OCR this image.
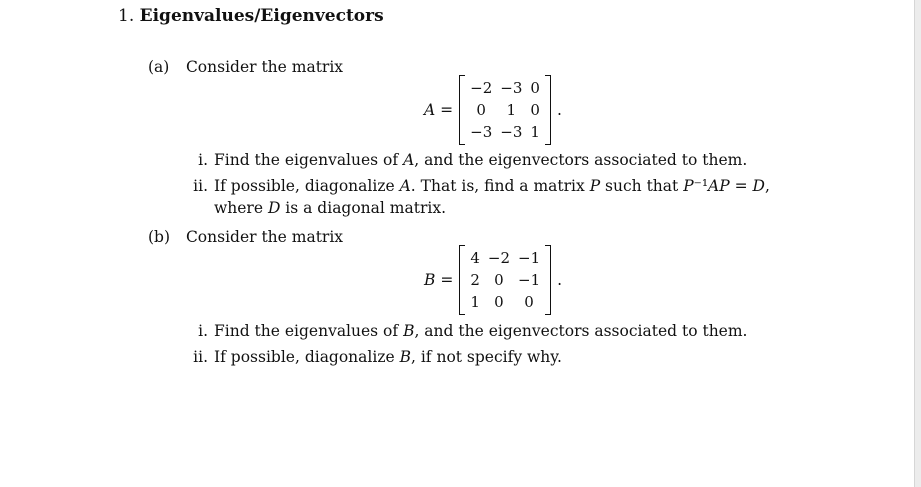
1. Eigenvalues/Eigenvectors
(a) Consider the matrix
A =
−2	−3	0
0	1	0
−3	−3	1
.
i. Find the eigenvalues of A, and the eigenvectors associated to them.
ii. If possible, diagonalize A. That is, find a matrix P such that P⁻¹AP = D,
where D is a diagonal matrix.
(b) Consider the matrix
B =
4	−2	−1
2	0	−1
1	0	0
.
i. Find the eigenvalues of B, and the eigenvectors associated to them.
ii. If possible, diagonalize B, if not specify why.
